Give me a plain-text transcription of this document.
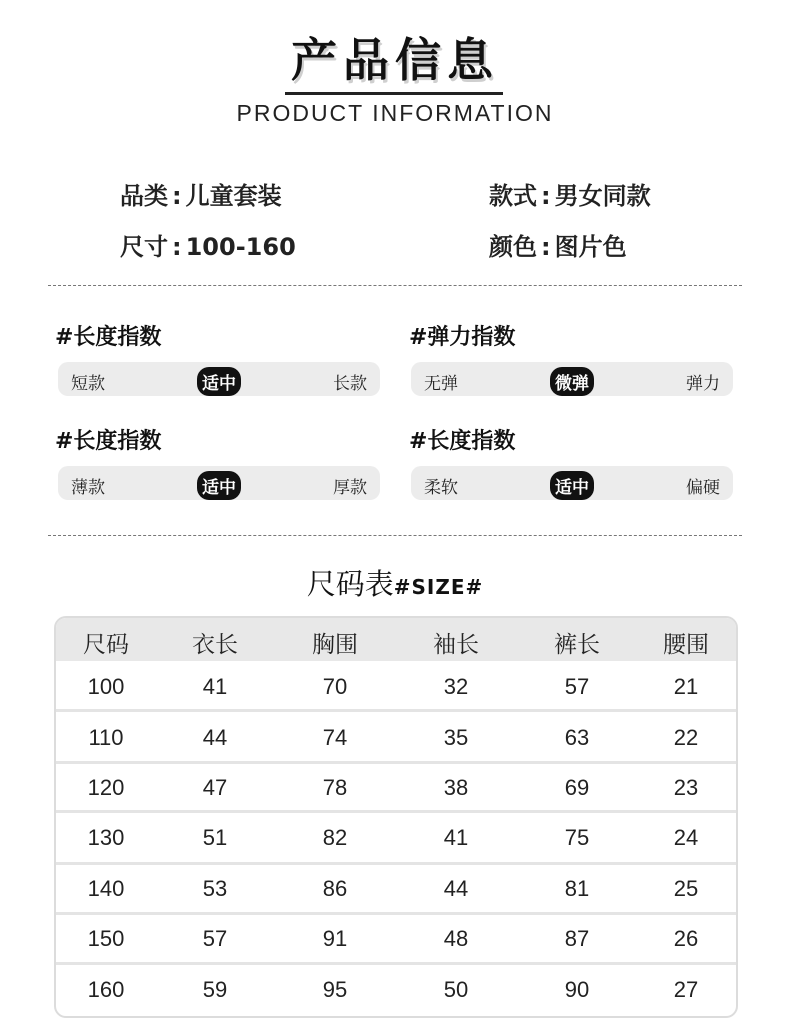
产品信息
PRODUCT INFORMATION
品类 : 儿童套装	款式 : 男女同款
尺寸 : 100-160	颜色 : 图片色
#长度指数
短款	适中	长款
#弹力指数
无弹	微弹	弹力
#长度指数
薄款	适中	厚款
#长度指数
柔软	适中	偏硬
尺码表#SIZE#
尺码	衣长	胸围	袖长	裤长	腰围
100	41	70	32	57	21
110	44	74	35	63	22
120	47	78	38	69	23
130	51	82	41	75	24
140	53	86	44	81	25
150	57	91	48	87	26
160	59	95	50	90	27
